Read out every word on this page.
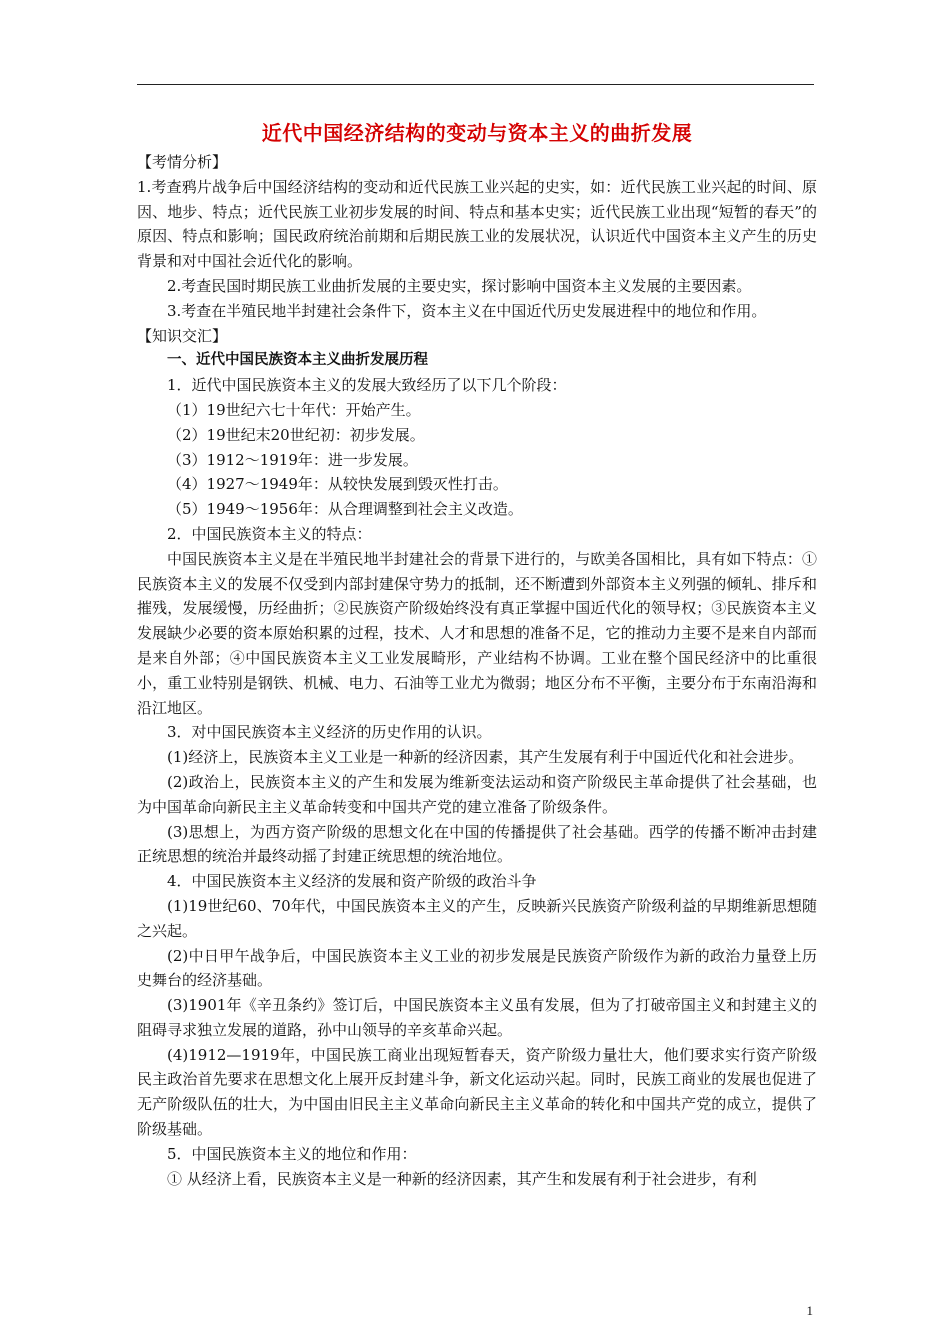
近代中国经济结构的变动与资本主义的曲折发展

【考情分析】

1.考查鸦片战争后中国经济结构的变动和近代民族工业兴起的史实，如：近代民族工业兴起的时间、原因、地步、特点；近代民族工业初步发展的时间、特点和基本史实；近代民族工业出现“短暂的春天”的原因、特点和影响；国民政府统治前期和后期民族工业的发展状况，认识近代中国资本主义产生的历史背景和对中国社会近代化的影响。

2.考查民国时期民族工业曲折发展的主要史实，探讨影响中国资本主义发展的主要因素。

3.考查在半殖民地半封建社会条件下，资本主义在中国近代历史发展进程中的地位和作用。

【知识交汇】

一、近代中国民族资本主义曲折发展历程

1．近代中国民族资本主义的发展大致经历了以下几个阶段：

（1）19世纪六七十年代：开始产生。

（2）19世纪末20世纪初：初步发展。

（3）1912～1919年：进一步发展。

（4）1927～1949年：从较快发展到毁灭性打击。

（5）1949～1956年：从合理调整到社会主义改造。

2．中国民族资本主义的特点：

中国民族资本主义是在半殖民地半封建社会的背景下进行的，与欧美各国相比，具有如下特点：①民族资本主义的发展不仅受到内部封建保守势力的抵制，还不断遭到外部资本主义列强的倾轧、排斥和摧残，发展缓慢，历经曲折；②民族资产阶级始终没有真正掌握中国近代化的领导权；③民族资本主义发展缺少必要的资本原始积累的过程，技术、人才和思想的准备不足，它的推动力主要不是来自内部而是来自外部；④中国民族资本主义工业发展畸形，产业结构不协调。工业在整个国民经济中的比重很小，重工业特别是钢铁、机械、电力、石油等工业尤为微弱；地区分布不平衡，主要分布于东南沿海和沿江地区。

3．对中国民族资本主义经济的历史作用的认识。

(1)经济上，民族资本主义工业是一种新的经济因素，其产生发展有利于中国近代化和社会进步。

(2)政治上，民族资本主义的产生和发展为维新变法运动和资产阶级民主革命提供了社会基础，也为中国革命向新民主主义革命转变和中国共产党的建立准备了阶级条件。

(3)思想上，为西方资产阶级的思想文化在中国的传播提供了社会基础。西学的传播不断冲击封建正统思想的统治并最终动摇了封建正统思想的统治地位。

4．中国民族资本主义经济的发展和资产阶级的政治斗争

(1)19世纪60、70年代，中国民族资本主义的产生，反映新兴民族资产阶级利益的早期维新思想随之兴起。

(2)中日甲午战争后，中国民族资本主义工业的初步发展是民族资产阶级作为新的政治力量登上历史舞台的经济基础。

(3)1901年《辛丑条约》签订后，中国民族资本主义虽有发展，但为了打破帝国主义和封建主义的阻碍寻求独立发展的道路，孙中山领导的辛亥革命兴起。

(4)1912—1919年，中国民族工商业出现短暂春天，资产阶级力量壮大，他们要求实行资产阶级民主政治首先要求在思想文化上展开反封建斗争，新文化运动兴起。同时，民族工商业的发展也促进了无产阶级队伍的壮大，为中国由旧民主主义革命向新民主主义革命的转化和中国共产党的成立，提供了阶级基础。

5．中国民族资本主义的地位和作用：

① 从经济上看，民族资本主义是一种新的经济因素，其产生和发展有利于社会进步，有利

1
